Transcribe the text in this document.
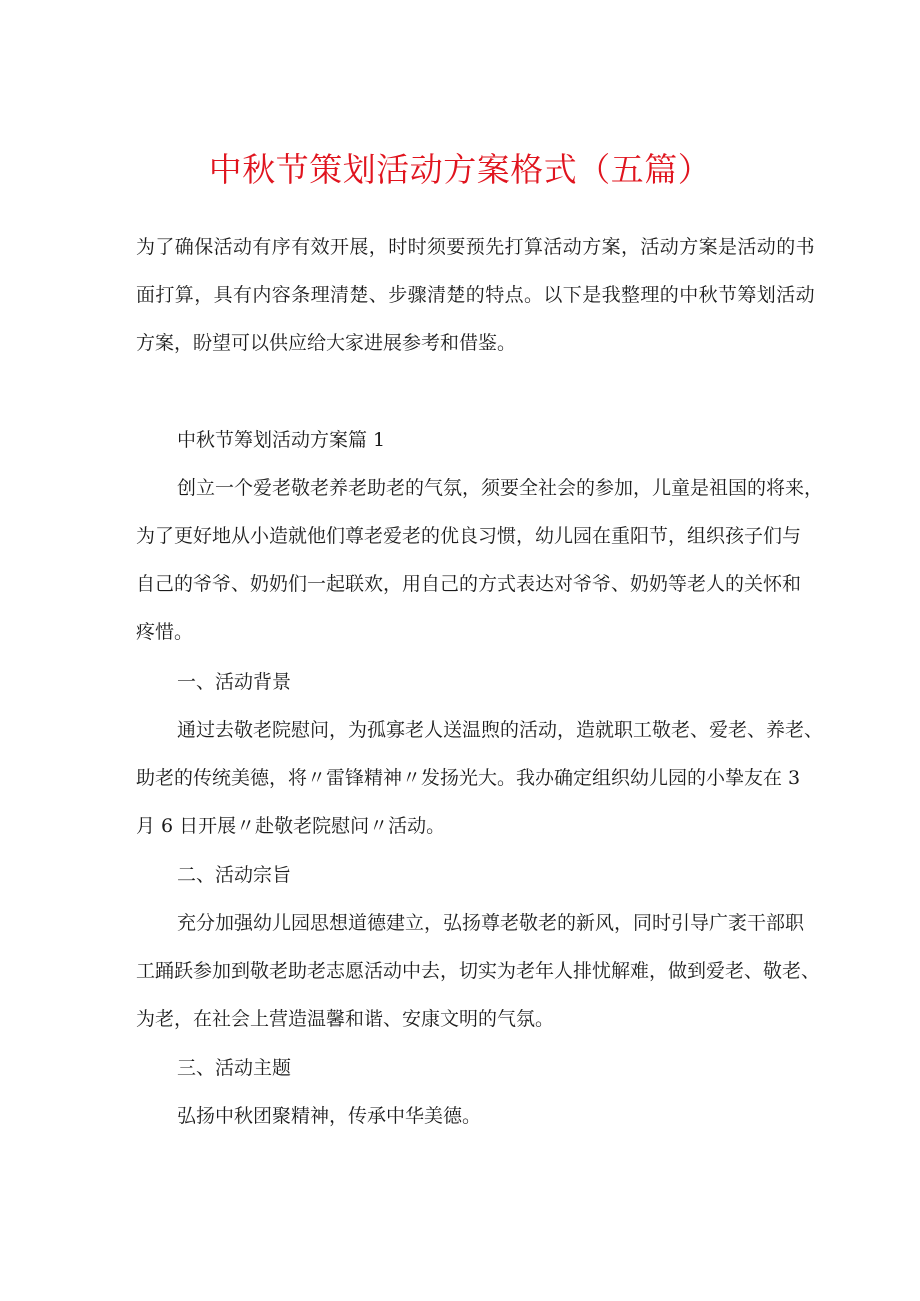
中秋节策划活动方案格式（五篇）
为了确保活动有序有效开展，时时须要预先打算活动方案，活动方案是活动的书
面打算，具有内容条理清楚、步骤清楚的特点。以下是我整理的中秋节筹划活动
方案，盼望可以供应给大家进展参考和借鉴。
中秋节筹划活动方案篇 1
创立一个爱老敬老养老助老的气氛，须要全社会的参加，儿童是祖国的将来，
为了更好地从小造就他们尊老爱老的优良习惯，幼儿园在重阳节，组织孩子们与
自己的爷爷、奶奶们一起联欢，用自己的方式表达对爷爷、奶奶等老人的关怀和
疼惜。
一、活动背景
通过去敬老院慰问，为孤寡老人送温煦的活动，造就职工敬老、爱老、养老、
助老的传统美德，将〃雷锋精神〃发扬光大。我办确定组织幼儿园的小挚友在 3
月 6 日开展〃赴敬老院慰问〃活动。
二、活动宗旨
充分加强幼儿园思想道德建立，弘扬尊老敬老的新风，同时引导广袤干部职
工踊跃参加到敬老助老志愿活动中去，切实为老年人排忧解难，做到爱老、敬老、
为老，在社会上营造温馨和谐、安康文明的气氛。
三、活动主题
弘扬中秋团聚精神，传承中华美德。
